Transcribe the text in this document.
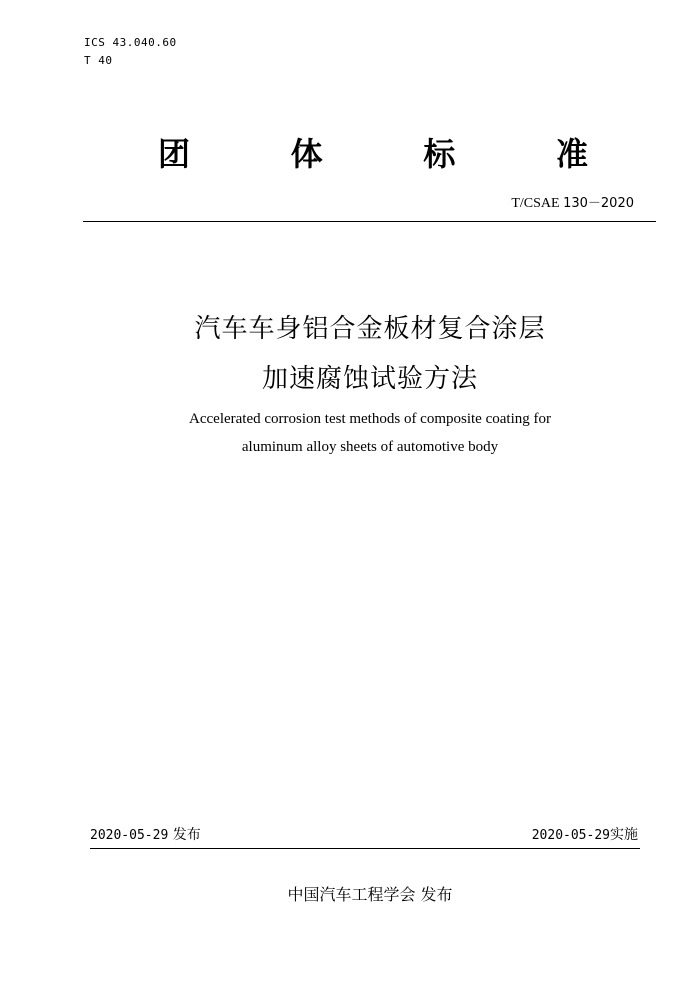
ICS 43.040.60
T 40
团	体	标	准
T/CSAE 130－2020
汽车车身铝合金板材复合涂层
加速腐蚀试验方法
Accelerated corrosion test methods of composite coating for
aluminum alloy sheets of automotive body
2020-05-29 发布	2020-05-29实施
中国汽车工程学会 发布
